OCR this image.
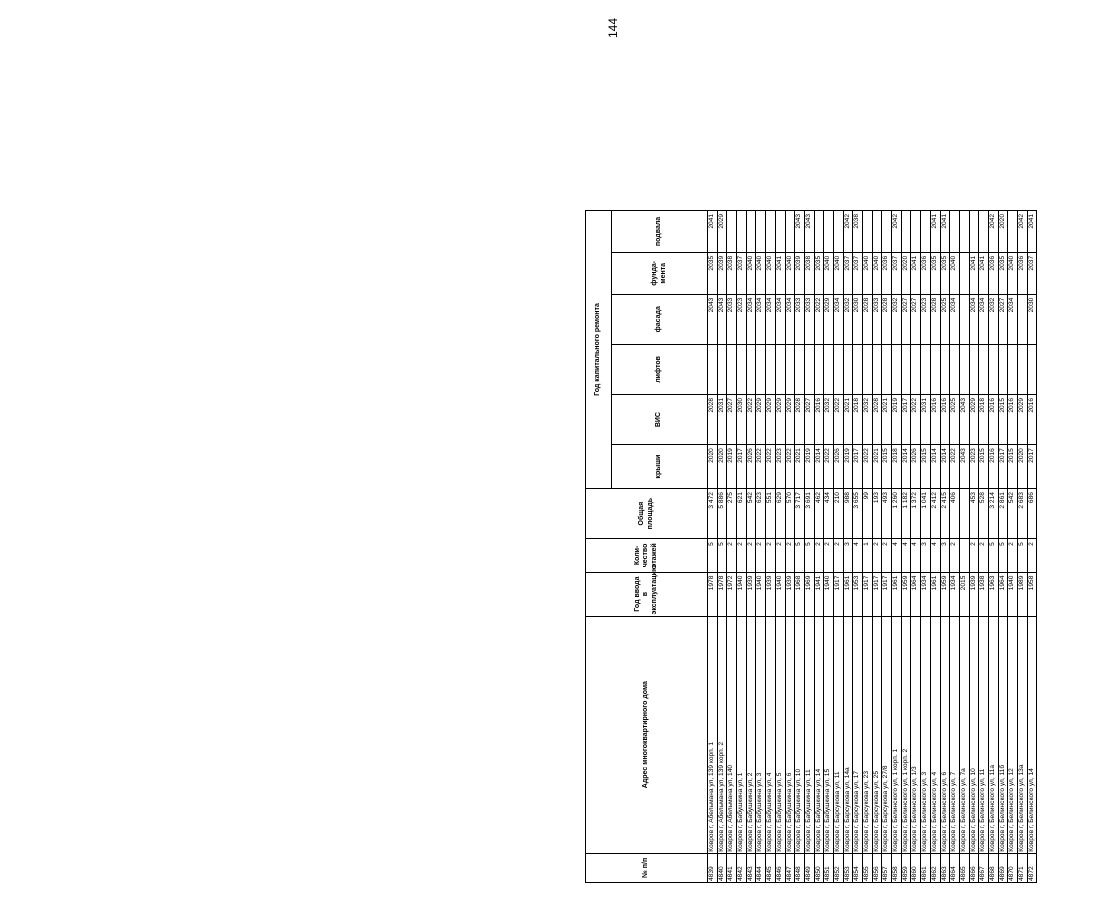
144
№ п/п	Адрес многоквартирного дома	Год ввода в эксплуатацию	Коли-чество этажей	Общая площадь	Год капитального ремонта					
					крыши	ВИС	лифтов	фасада	фунда-мента	подвала
4839	Ковров г, Абельмана ул, 139 корп. 1	1978	5	3 472	2020	2028		2043	2035	2041
4840	Ковров г, Абельмана ул, 139 корп. 2	1978	5	5 886	2020	2031		2043	2039	2029
4841	Ковров г, Абельмана ул, 140	1972	2	275	2019	2027		2033	2038	
4842	Ковров г, Бабушкина ул, 1	1940	2	621	2017	2030		2023	2037	
4843	Ковров г, Бабушкина ул, 2	1939	2	542	2026	2022		2034	2040	
4844	Ковров г, Бабушкина ул, 3	1940	2	623	2022	2029		2034	2040	
4845	Ковров г, Бабушкина ул, 4	1939	2	551	2022	2029		2034	2040	
4846	Ковров г, Бабушкина ул, 5	1940	2	629	2023	2029		2034	2041	
4847	Ковров г, Бабушкина ул, 6	1939	2	570	2022	2029		2034	2040	
4848	Ковров г, Бабушкина ул, 10	1968	5	3 717	2021	2028		2033	2039	2043
4849	Ковров г, Бабушкина ул, 11	1969	5	3 691	2019	2027		2033	2038	2043
4850	Ковров г, Бабушкина ул, 14	1941	2	462	2014	2016		2022	2035	
4851	Ковров г, Бабушкина ул, 15	1940	2	434	2022	2032		2029	2040	
4852	Ковров г, Барсукова ул, 11	1917	2	210	2026	2022		2034	2040	
4853	Ковров г, Барсукова ул, 14а	1961	3	988	2019	2021		2032	2037	2042
4854	Ковров г, Барсукова ул, 17	1953	4	3 655	2017	2018		2030	2037	2038
4855	Ковров г, Барсукова ул, 23	1917	1	99	2022	2032		2028	2040	
4856	Ковров г, Барсукова ул, 25	1917	2	193	2021	2028		2033	2040	
4857	Ковров г, Барсукова ул, 27/8	1917	2	493	2015	2021		2028	2036	
4858	Ковров г, Белинского ул, 1 корп. 1	1961	4	1 260	2018	2019		2032	2037	2042
4859	Ковров г, Белинского ул, 1 корп. 2	1959	4	1 182	2014	2017		2027	2020	
4860	Ковров г, Белинского ул, 1/3	1964	4	1 372	2026	2022		2027	2041	
4861	Ковров г, Белинского ул, 3	1934	3	1 041	2015	2031		2023	2036	
4862	Ковров г, Белинского ул, 4	1961	4	2 412	2014	2016		2028	2035	2041
4863	Ковров г, Белинского ул, 6	1959	3	2 415	2014	2016		2025	2035	2041
4864	Ковров г, Белинского ул, 7	1934	2	406	2022	2025		2034	2040	
4865	Ковров г, Белинского ул, 7а	2015			2043	2043				
4866	Ковров г, Белинского ул, 10	1939	2	453	2023	2029		2034	2041	
4867	Ковров г, Белинского ул, 11	1938	2	528	2015	2018		2034	2041	
4868	Ковров г, Белинского ул, 11а	1963	5	3 214	2016	2016		2032	2036	2042
4869	Ковров г, Белинского ул, 11б	1964	5	2 861	2017	2015		2027	2035	2020
4870	Ковров г, Белинского ул, 12	1940	2	542	2015	2016		2034	2040	
4871	Ковров г, Белинского ул, 13а	1989	5	2 683	2020	2029			2036	2042
4872	Ковров г, Белинского ул, 14	1958	2	686	2017	2016		2030	2037	2041
